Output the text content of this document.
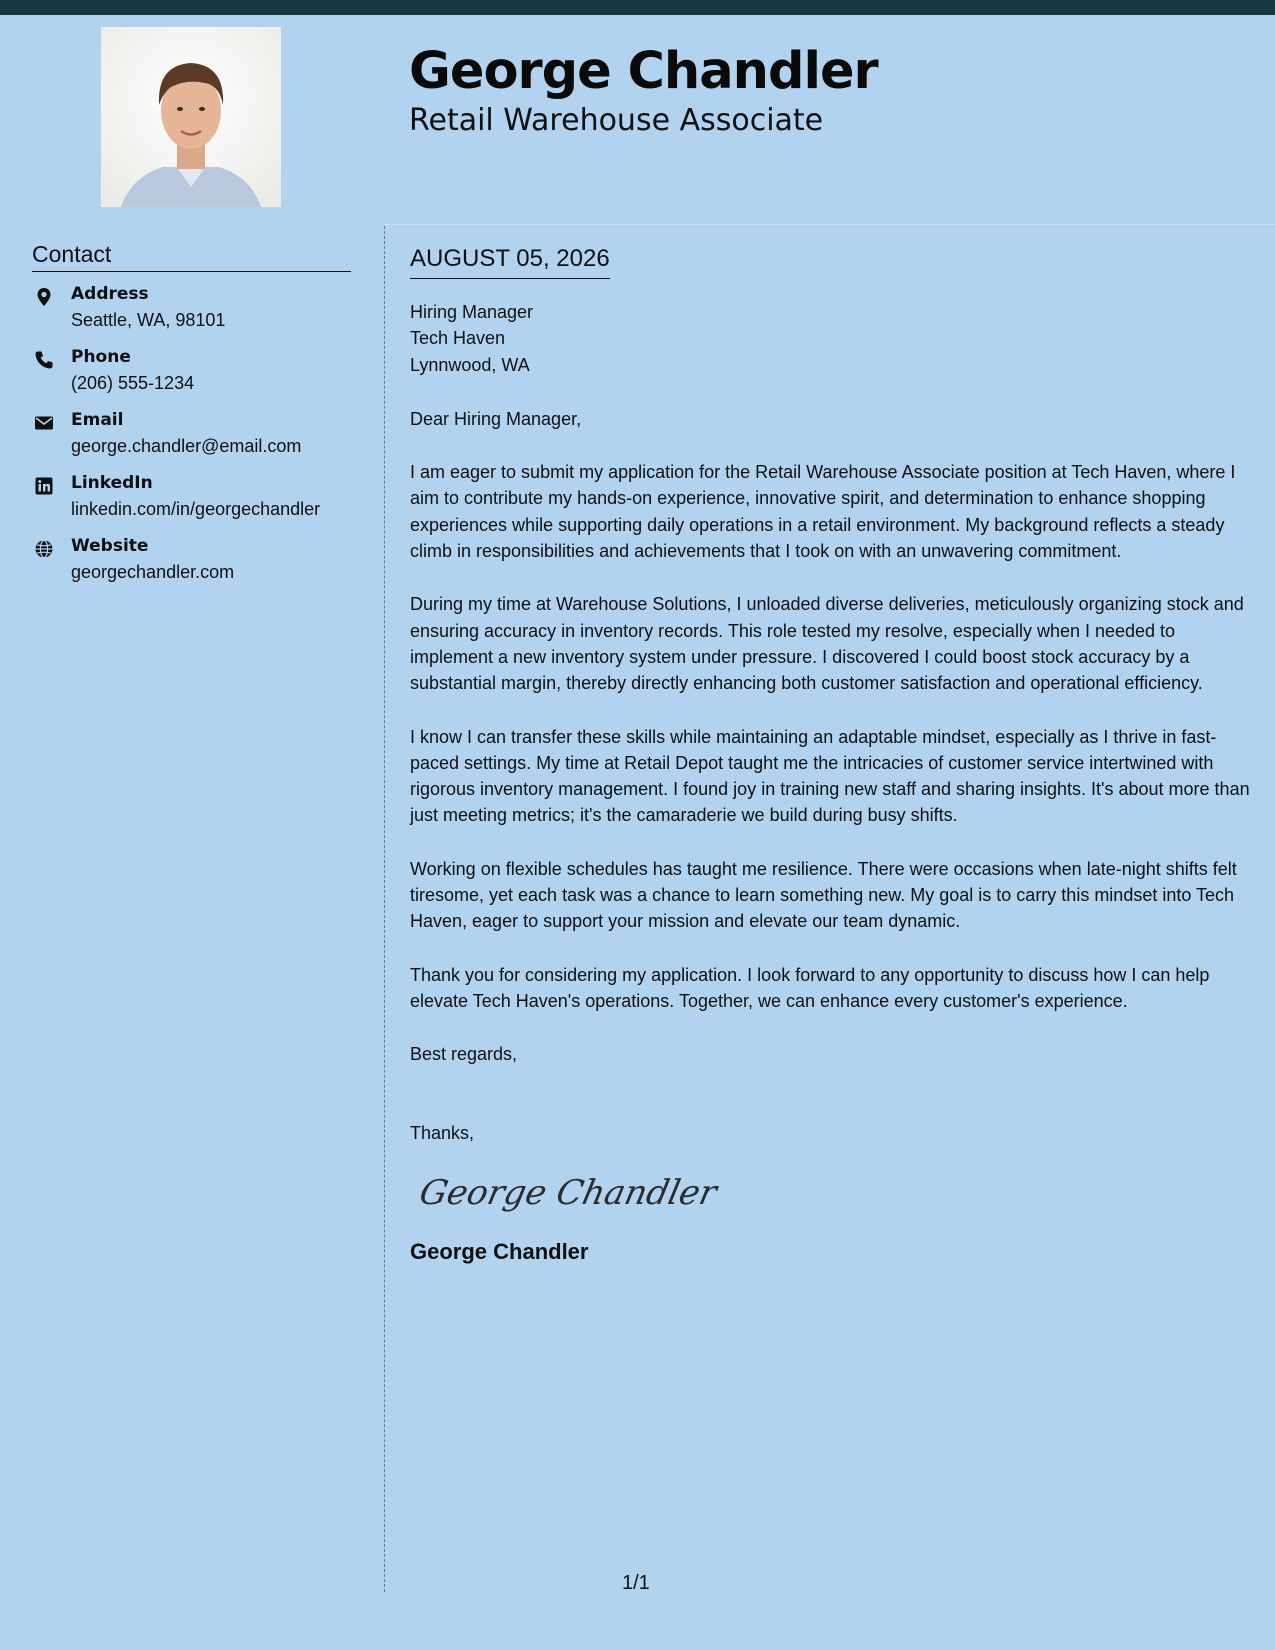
George Chandler
Retail Warehouse Associate
Contact
Address
Seattle, WA, 98101
Phone
(206) 555-1234
Email
george.chandler@email.com
LinkedIn
linkedin.com/in/georgechandler
Website
georgechandler.com
AUGUST 05, 2026
Hiring Manager
Tech Haven
Lynnwood, WA
Dear Hiring Manager,

I am eager to submit my application for the Retail Warehouse Associate position at Tech Haven, where I aim to contribute my hands-on experience, innovative spirit, and determination to enhance shopping experiences while supporting daily operations in a retail environment. My background reflects a steady climb in responsibilities and achievements that I took on with an unwavering commitment.

During my time at Warehouse Solutions, I unloaded diverse deliveries, meticulously organizing stock and ensuring accuracy in inventory records. This role tested my resolve, especially when I needed to implement a new inventory system under pressure. I discovered I could boost stock accuracy by a substantial margin, thereby directly enhancing both customer satisfaction and operational efficiency.

I know I can transfer these skills while maintaining an adaptable mindset, especially as I thrive in fast-paced settings. My time at Retail Depot taught me the intricacies of customer service intertwined with rigorous inventory management. I found joy in training new staff and sharing insights. It's about more than just meeting metrics; it's the camaraderie we build during busy shifts.

Working on flexible schedules has taught me resilience. There were occasions when late-night shifts felt tiresome, yet each task was a chance to learn something new. My goal is to carry this mindset into Tech Haven, eager to support your mission and elevate our team dynamic.

Thank you for considering my application. I look forward to any opportunity to discuss how I can help elevate Tech Haven's operations. Together, we can enhance every customer's experience.

Best regards,
Thanks,
George Chandler
George Chandler
1/1
